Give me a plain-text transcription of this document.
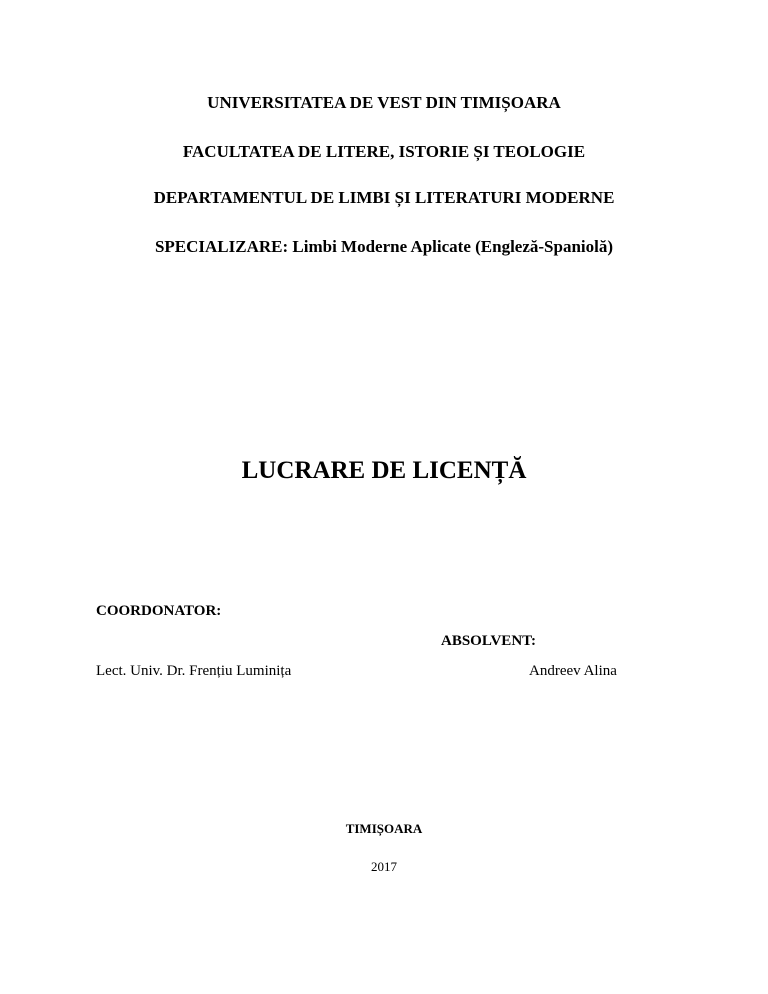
UNIVERSITATEA DE VEST DIN TIMIȘOARA
FACULTATEA DE LITERE, ISTORIE ȘI TEOLOGIE
DEPARTAMENTUL DE LIMBI ȘI LITERATURI MODERNE
SPECIALIZARE: Limbi Moderne Aplicate (Engleză-Spaniolă)
LUCRARE DE LICENȚĂ
COORDONATOR:
ABSOLVENT:
Lect. Univ. Dr. Frențiu Luminița	Andreev Alina
TIMIȘOARA
2017
